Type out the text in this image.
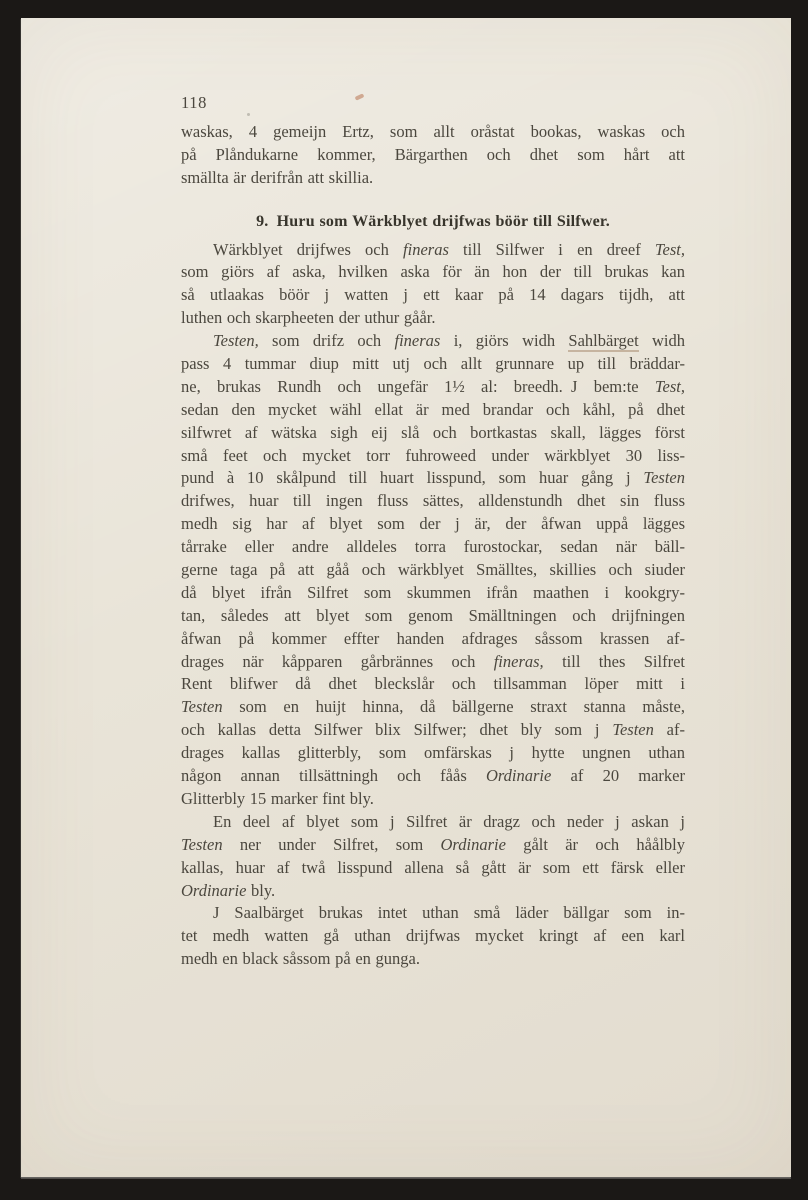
118
waskas, 4 gemeijn Ertz, som allt oråstat bookas, waskas och
på Plåndukarne kommer, Bärgarthen och dhet som hårt att
smällta är derifrån att skillia.
9. Huru som Wärkblyet drijfwas böör till Silfwer.
Wärkblyet drijfwes och fineras till Silfwer i en dreef Test,
som giörs af aska, hvilken aska för än hon der till brukas kan
så utlaakas böör j watten j ett kaar på 14 dagars tijdh, att
luthen och skarpheeten der uthur gåår.
Testen, som drifz och fineras i, giörs widh Sahlbärget widh
pass 4 tummar diup mitt utj och allt grunnare up till bräddar-
ne, brukas Rundh och ungefär 1½ al: breedh. J bem:te Test,
sedan den mycket wähl ellat är med brandar och kåhl, på dhet
silfwret af wätska sigh eij slå och bortkastas skall, lägges först
små feet och mycket torr fuhroweed under wärkblyet 30 liss-
pund à 10 skålpund till huart lisspund, som huar gång j Testen
drifwes, huar till ingen fluss sättes, alldenstundh dhet sin fluss
medh sig har af blyet som der j är, der åfwan uppå lägges
tårrake eller andre alldeles torra furostockar, sedan när bäll-
gerne taga på att gåå och wärkblyet Smälltes, skillies och siuder
då blyet ifrån Silfret som skummen ifrån maathen i kookgry-
tan, således att blyet som genom Smälltningen och drijfningen
åfwan på kommer effter handen afdrages såssom krassen af-
drages när kåpparen gårbrännes och fineras, till thes Silfret
Rent blifwer då dhet bleckslår och tillsamman löper mitt i
Testen som en huijt hinna, då bällgerne straxt stanna måste,
och kallas detta Silfwer blix Silfwer; dhet bly som j Testen af-
drages kallas glitterbly, som omfärskas j hytte ungnen uthan
någon annan tillsättningh och fåås Ordinarie af 20 marker
Glitterbly 15 marker fint bly.
En deel af blyet som j Silfret är dragz och neder j askan j
Testen ner under Silfret, som Ordinarie gålt är och håålbly
kallas, huar af twå lisspund allena så gått är som ett färsk eller
Ordinarie bly.
J Saalbärget brukas intet uthan små läder bällgar som in-
tet medh watten gå uthan drijfwas mycket kringt af een karl
medh en black såssom på en gunga.
